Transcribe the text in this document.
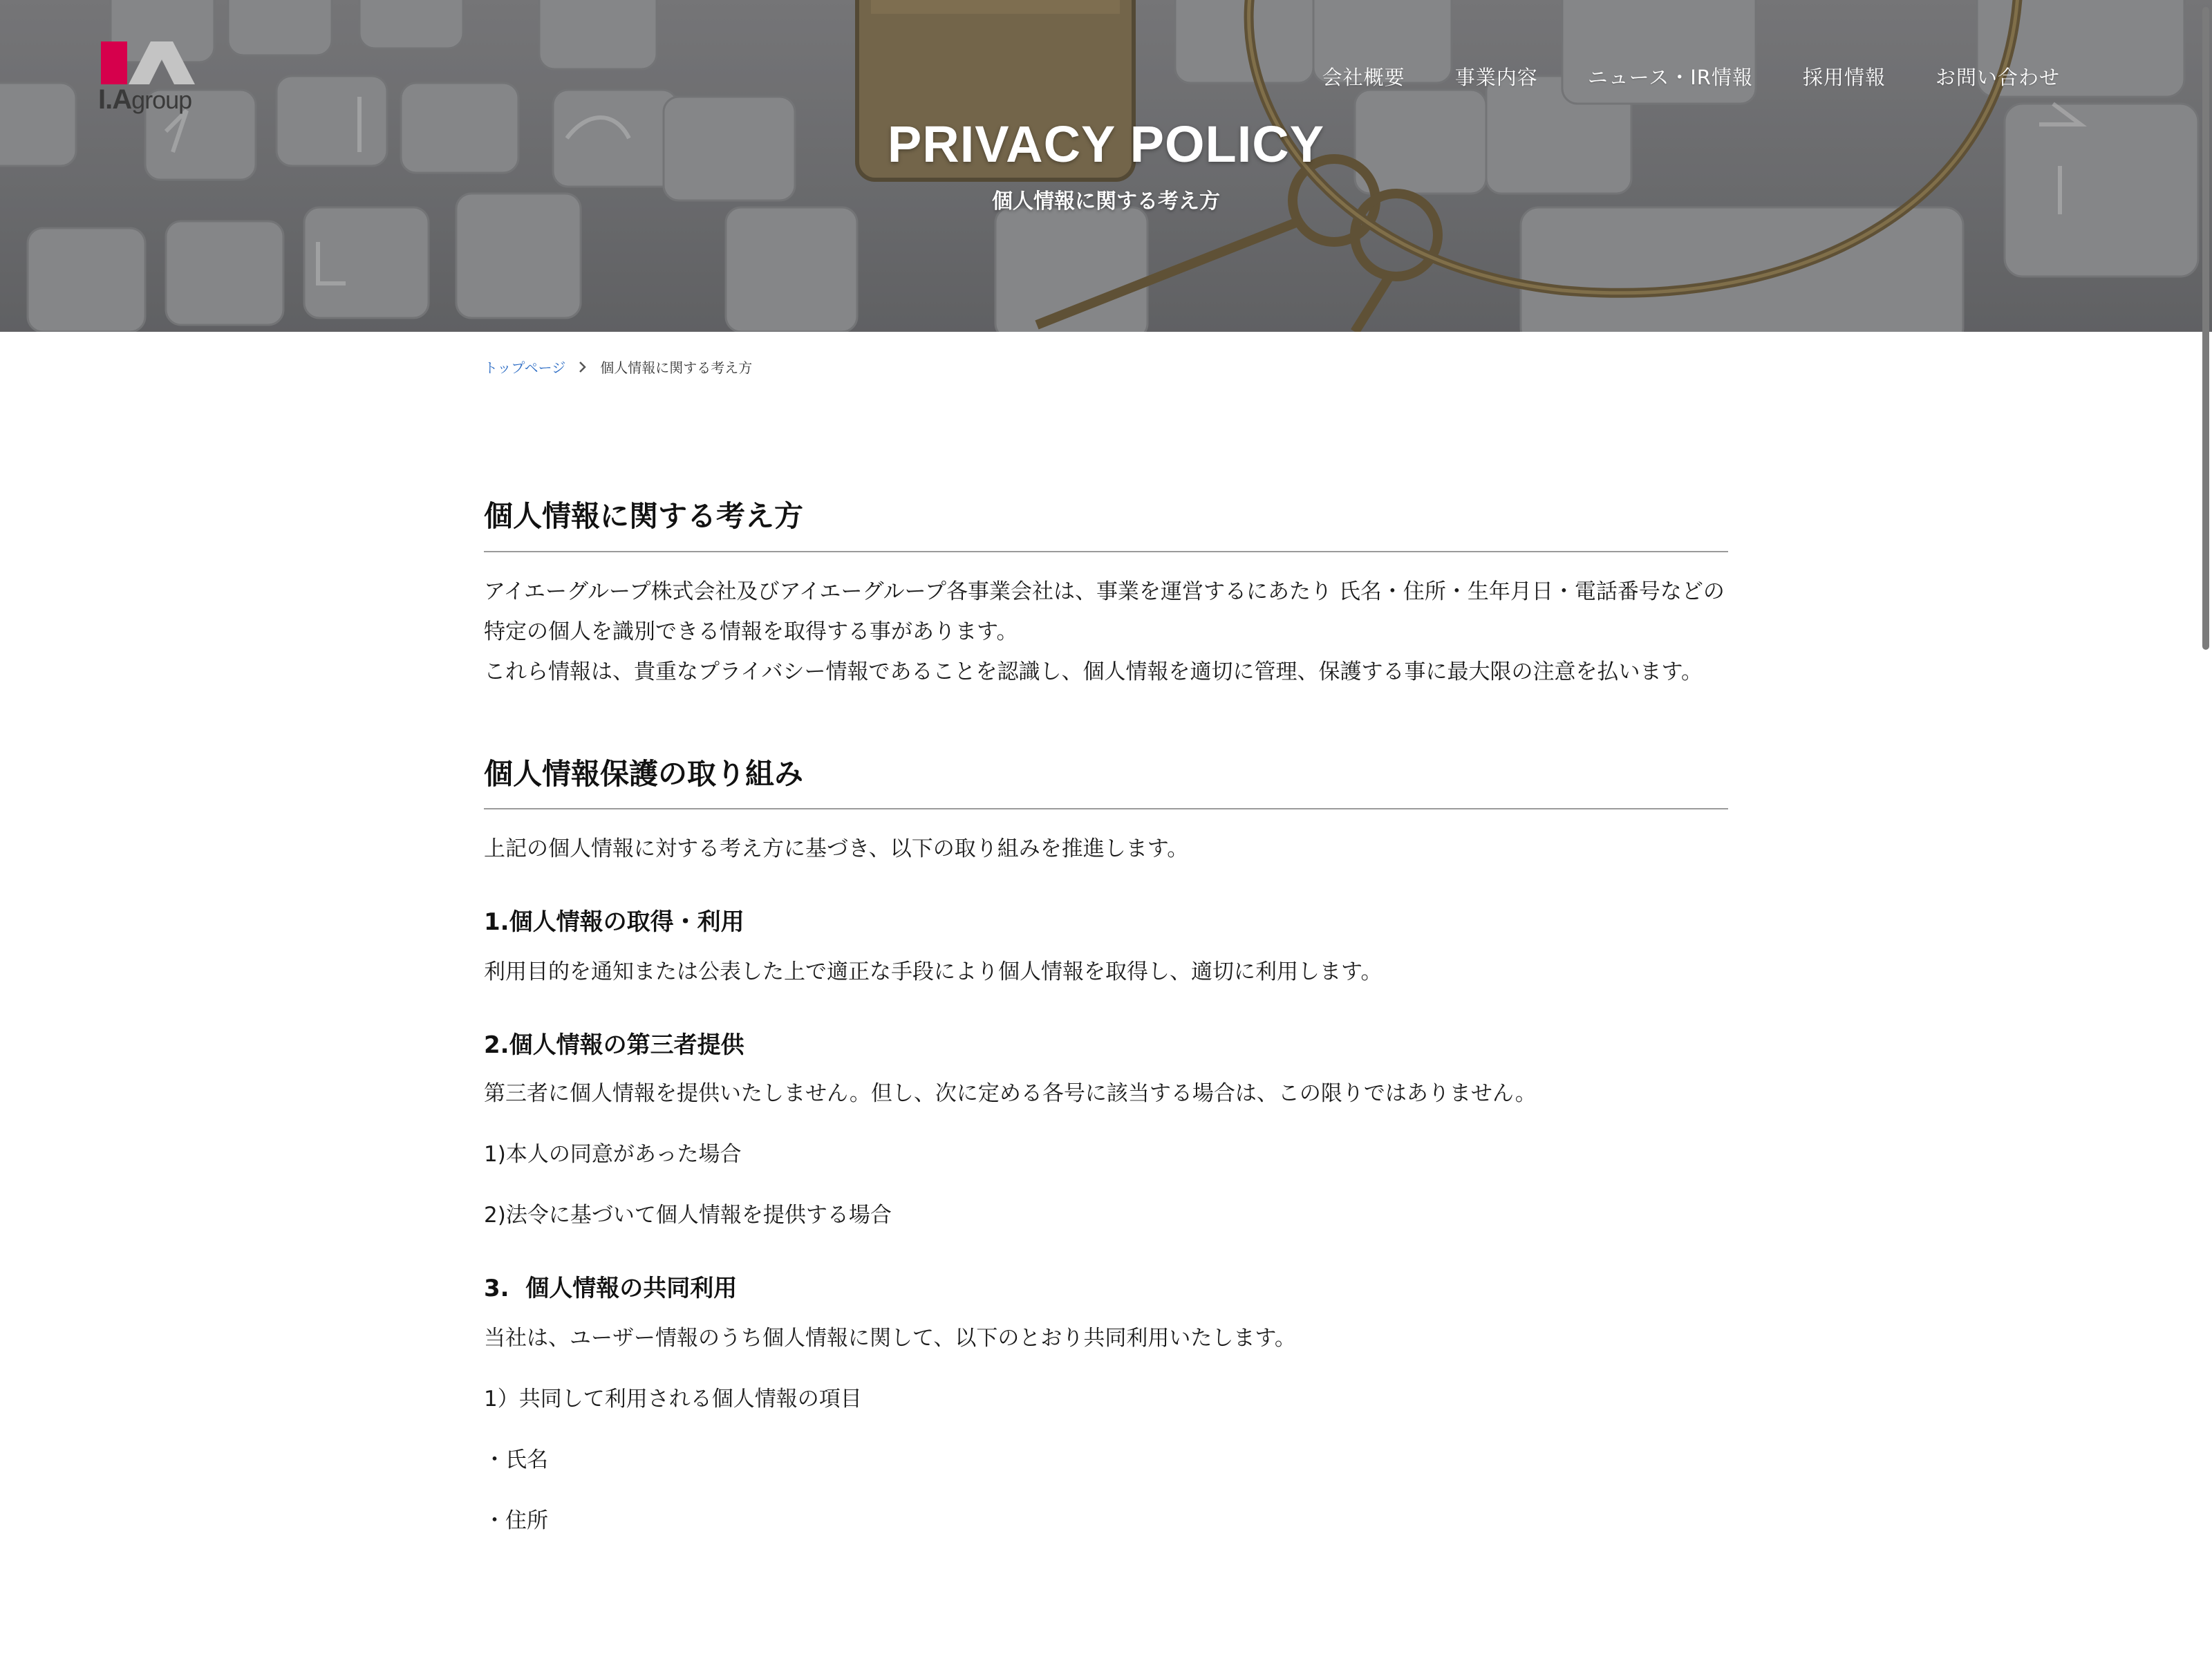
I.Agroup
会社概要 事業内容 ニュース・IR情報 採用情報 お問い合わせ
PRIVACY POLICY
個人情報に関する考え方
トップページ	個人情報に関する考え方
個人情報に関する考え方

アイエーグループ株式会社及びアイエーグループ各事業会社は、事業を運営するにあたり 氏名・住所・生年月日・電話番号などの特定の個人を識別できる情報を取得する事があります。

これら情報は、貴重なプライバシー情報であることを認識し、個人情報を適切に管理、保護する事に最大限の注意を払います。

個人情報保護の取り組み

上記の個人情報に対する考え方に基づき、以下の取り組みを推進します。

1.個人情報の取得・利用

利用目的を通知または公表した上で適正な手段により個人情報を取得し、適切に利用します。

2.個人情報の第三者提供

第三者に個人情報を提供いたしません。但し、次に定める各号に該当する場合は、この限りではありません。

1)本人の同意があった場合

2)法令に基づいて個人情報を提供する場合

3.  個人情報の共同利用

当社は、ユーザー情報のうち個人情報に関して、以下のとおり共同利用いたします。

1）共同して利用される個人情報の項目

・氏名

・住所
